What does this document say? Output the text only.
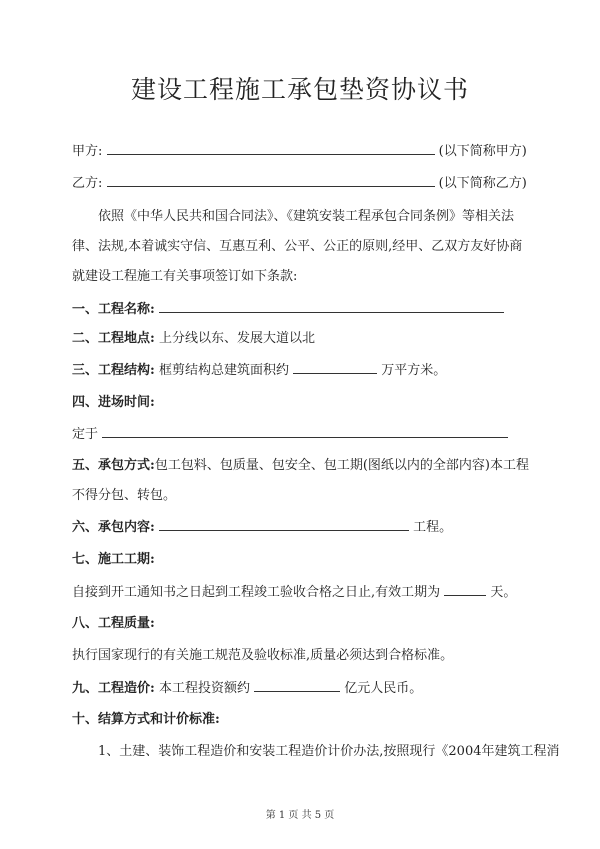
建设工程施工承包垫资协议书
甲方:	(以下简称甲方)
乙方:	(以下简称乙方)
依照《中华人民共和国合同法》、《建筑安装工程承包合同条例》等相关法律、法规,本着诚实守信、互惠互利、公平、公正的原则,经甲、乙双方友好协商就建设工程施工有关事项签订如下条款:
一、工程名称:
二、工程地点: 上分线以东、发展大道以北
三、工程结构: 框剪结构总建筑面积约	万平方米。
四、进场时间:
定于
五、承包方式:包工包料、包质量、包安全、包工期(图纸以内的全部内容)本工程不得分包、转包。
六、承包内容:	工程。
七、施工工期:
自接到开工通知书之日起到工程竣工验收合格之日止,有效工期为	天。
八、工程质量:
执行国家现行的有关施工规范及验收标准,质量必须达到合格标准。
九、工程造价: 本工程投资额约	亿元人民币。
十、结算方式和计价标准:
1、土建、装饰工程造价和安装工程造价计价办法,按照现行《2004年建筑工程消
第 1 页 共 5 页
